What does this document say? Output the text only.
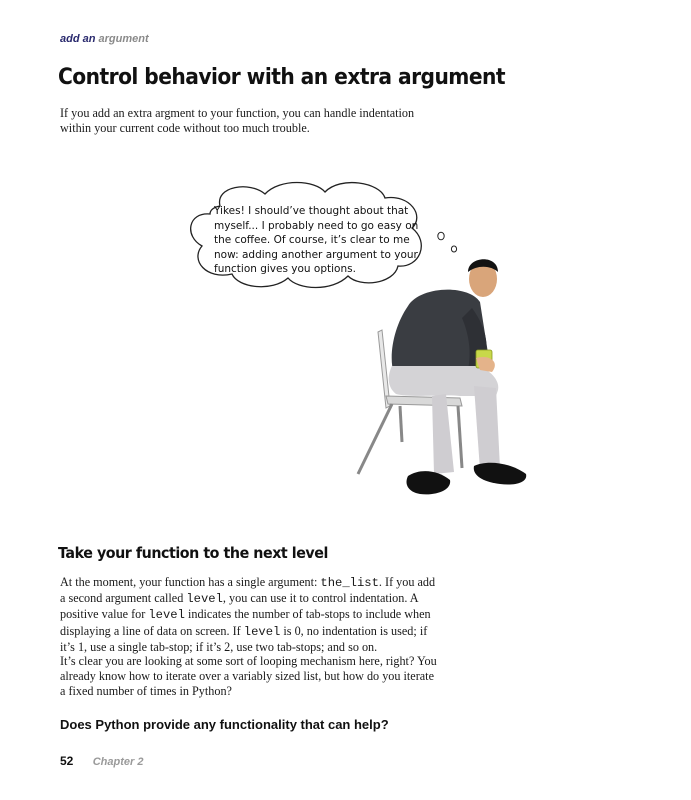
add an argument
Control behavior with an extra argument

If you add an extra argment to your function, you can handle indentation within your current code without too much trouble.

Yikes! I should’ve thought about that myself... I probably need to go easy on the coffee. Of course, it’s clear to me now: adding another argument to your function gives you options.

Take your function to the next level

At the moment, your function has a single argument: the_list. If you add a second argument called level, you can use it to control indentation. A positive value for level indicates the number of tab-stops to include when displaying a line of data on screen. If level is 0, no indentation is used; if it’s 1, use a single tab-stop; if it’s 2, use two tab-stops; and so on.

It’s clear you are looking at some sort of looping mechanism here, right? You already know how to iterate over a variably sized list, but how do you iterate a fixed number of times in Python?

Does Python provide any functionality that can help?

52 Chapter 2
